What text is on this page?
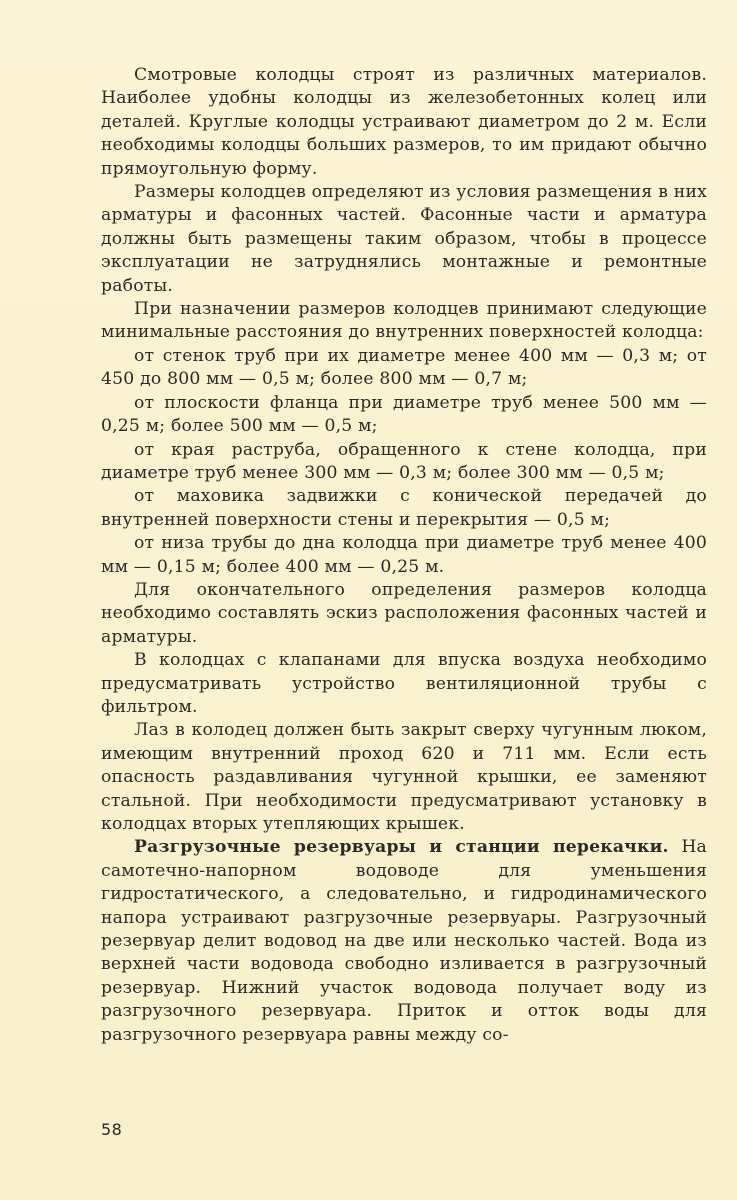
Смотровые колодцы строят из различных материалов. Наиболее удобны колодцы из железобетонных колец или деталей. Круглые колодцы устраивают диаметром до 2 м. Если необходимы колодцы больших размеров, то им придают обычно прямоугольную форму.

Размеры колодцев определяют из условия размещения в них арматуры и фасонных частей. Фасонные части и арматура должны быть размещены таким образом, чтобы в процессе эксплуатации не затруднялись монтажные и ремонтные работы.

При назначении размеров колодцев принимают следующие минимальные расстояния до внутренних поверхностей колодца:

от стенок труб при их диаметре менее 400 мм — 0,3 м; от 450 до 800 мм — 0,5 м; более 800 мм — 0,7 м;

от плоскости фланца при диаметре труб менее 500 мм — 0,25 м; более 500 мм — 0,5 м;

от края раструба, обращенного к стене колодца, при диаметре труб менее 300 мм — 0,3 м; более 300 мм — 0,5 м;

от маховика задвижки с конической передачей до внутренней поверхности стены и перекрытия — 0,5 м;

от низа трубы до дна колодца при диаметре труб менее 400 мм — 0,15 м; более 400 мм — 0,25 м.

Для окончательного определения размеров колодца необходимо составлять эскиз расположения фасонных частей и арматуры.

В колодцах с клапанами для впуска воздуха необходимо предусматривать устройство вентиляционной трубы с фильтром.

Лаз в колодец должен быть закрыт сверху чугунным люком, имеющим внутренний проход 620 и 711 мм. Если есть опасность раздавливания чугунной крышки, ее заменяют стальной. При необходимости предусматривают установку в колодцах вторых утепляющих крышек.

Разгрузочные резервуары и станции перекачки. На самотечно-напорном водоводе для уменьшения гидростатического, а следовательно, и гидродинамического напора устраивают разгрузочные резервуары. Разгрузочный резервуар делит водовод на две или несколько частей. Вода из верхней части водовода свободно изливается в разгрузочный резервуар. Нижний участок водовода получает воду из разгрузочного резервуара. Приток и отток воды для разгрузочного резервуара равны между со-

58
